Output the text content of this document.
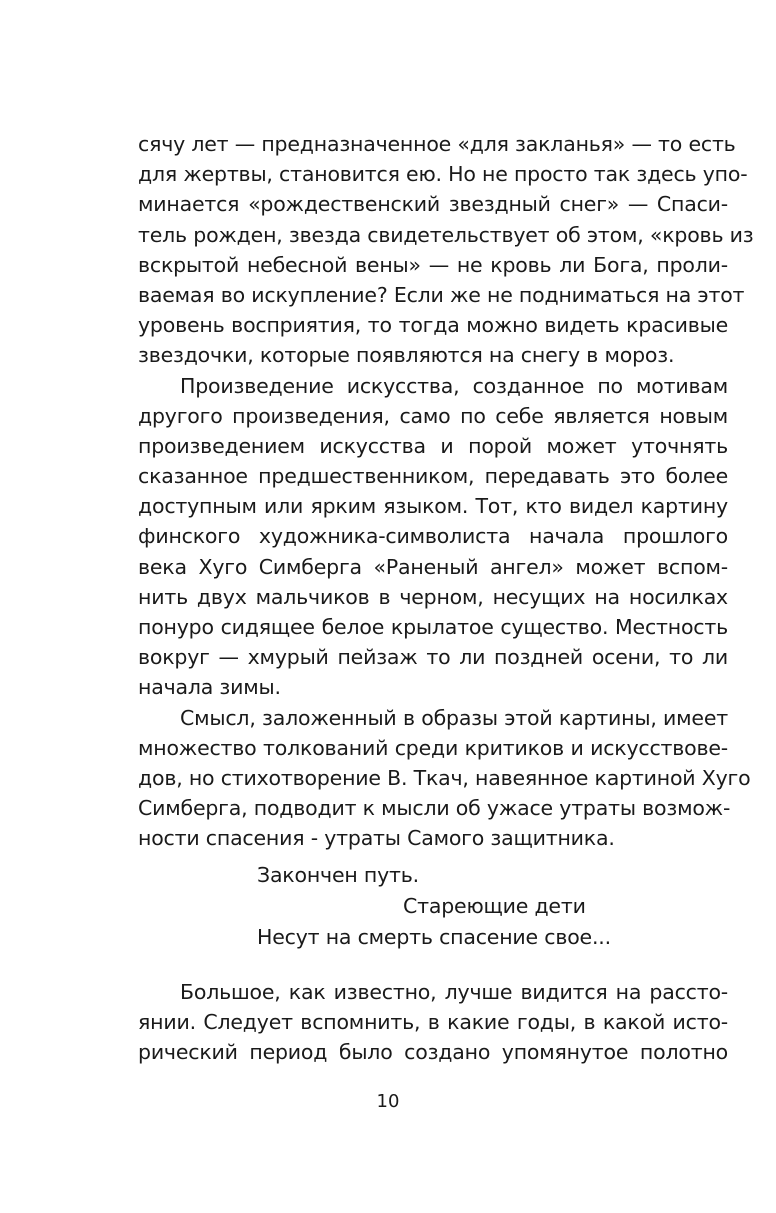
сячу лет — предназначенное «для закланья» — то есть
для жертвы, становится ею. Но не просто так здесь упо-
минается «рождественский звездный снег» — Спаси-
тель рожден, звезда свидетельствует об этом, «кровь из
вскрытой небесной вены» — не кровь ли Бога, проли-
ваемая во искупление? Если же не подниматься на этот
уровень восприятия, то тогда можно видеть красивые
звездочки, которые появляются на снегу в мороз.
Произведение искусства, созданное по мотивам
другого произведения, само по себе является новым
произведением искусства и порой может уточнять
сказанное предшественником, передавать это более
доступным или ярким языком. Тот, кто видел картину
финского художника-символиста начала прошлого
века Хуго Симберга «Раненый ангел» может вспом-
нить двух мальчиков в черном, несущих на носилках
понуро сидящее белое крылатое существо. Местность
вокруг — хмурый пейзаж то ли поздней осени, то ли
начала зимы.
Смысл, заложенный в образы этой картины, имеет
множество толкований среди критиков и искусствове-
дов, но стихотворение В. Ткач, навеянное картиной Хуго
Симберга, подводит к мысли об ужасе утраты возмож-
ности спасения - утраты Самого защитника.
Закончен путь.
Стареющие дети
Несут на смерть спасение свое...
Большое, как известно, лучше видится на рассто-
янии. Следует вспомнить, в какие годы, в какой исто-
рический период было создано упомянутое полотно
10
